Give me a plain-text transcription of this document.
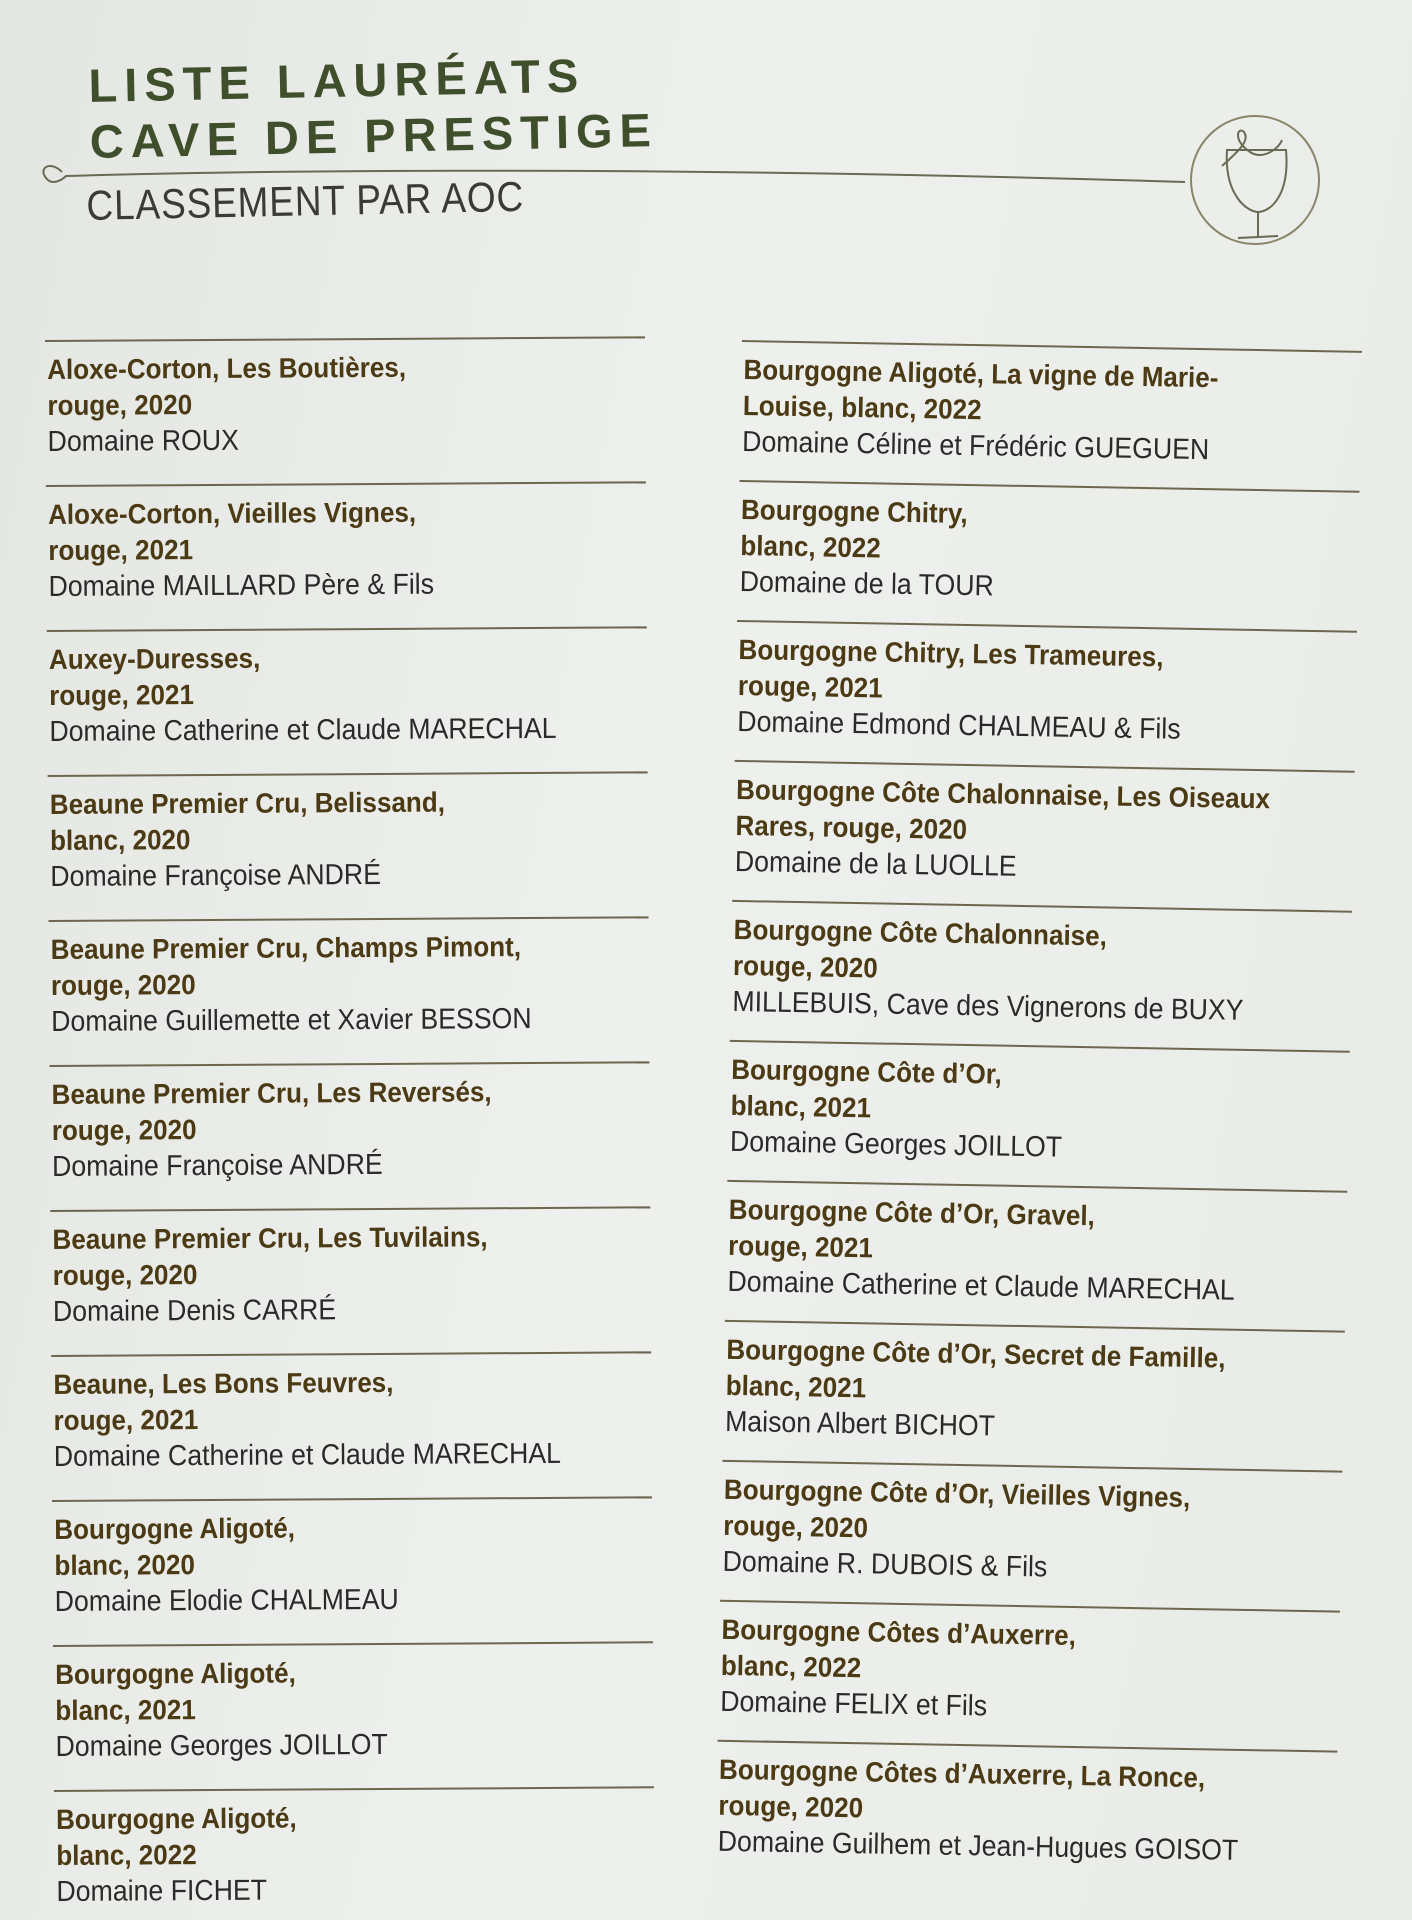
LISTE LAURÉATS
CAVE DE PRESTIGE
CLASSEMENT PAR AOC
Aloxe-Corton, Les Boutières,
rouge, 2020
Domaine ROUX
Aloxe-Corton, Vieilles Vignes,
rouge, 2021
Domaine MAILLARD Père & Fils
Auxey-Duresses,
rouge, 2021
Domaine Catherine et Claude MARECHAL
Beaune Premier Cru, Belissand,
blanc, 2020
Domaine Françoise ANDRÉ
Beaune Premier Cru, Champs Pimont,
rouge, 2020
Domaine Guillemette et Xavier BESSON
Beaune Premier Cru, Les Reversés,
rouge, 2020
Domaine Françoise ANDRÉ
Beaune Premier Cru, Les Tuvilains,
rouge, 2020
Domaine Denis CARRÉ
Beaune, Les Bons Feuvres,
rouge, 2021
Domaine Catherine et Claude MARECHAL
Bourgogne Aligoté,
blanc, 2020
Domaine Elodie CHALMEAU
Bourgogne Aligoté,
blanc, 2021
Domaine Georges JOILLOT
Bourgogne Aligoté,
blanc, 2022
Domaine FICHET
Bourgogne Aligoté, La vigne de Marie-
Louise, blanc, 2022
Domaine Céline et Frédéric GUEGUEN
Bourgogne Chitry,
blanc, 2022
Domaine de la TOUR
Bourgogne Chitry, Les Trameures,
rouge, 2021
Domaine Edmond CHALMEAU & Fils
Bourgogne Côte Chalonnaise, Les Oiseaux
Rares, rouge, 2020
Domaine de la LUOLLE
Bourgogne Côte Chalonnaise,
rouge, 2020
MILLEBUIS, Cave des Vignerons de BUXY
Bourgogne Côte d’Or,
blanc, 2021
Domaine Georges JOILLOT
Bourgogne Côte d’Or, Gravel,
rouge, 2021
Domaine Catherine et Claude MARECHAL
Bourgogne Côte d’Or, Secret de Famille,
blanc, 2021
Maison Albert BICHOT
Bourgogne Côte d’Or, Vieilles Vignes,
rouge, 2020
Domaine R. DUBOIS & Fils
Bourgogne Côtes d’Auxerre,
blanc, 2022
Domaine FELIX et Fils
Bourgogne Côtes d’Auxerre, La Ronce,
rouge, 2020
Domaine Guilhem et Jean-Hugues GOISOT
